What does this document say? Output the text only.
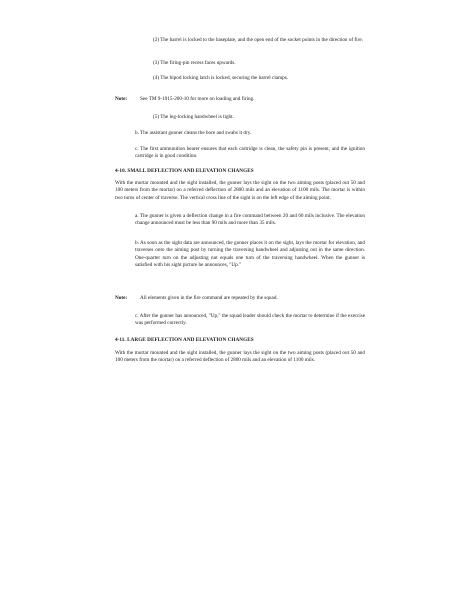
(2) The barrel is locked to the baseplate, and the open end of the socket points in the direction of fire.

(3) The firing-pin recess faces upwards.

(4) The bipod locking latch is locked, securing the barrel clamps.

Note: See TM 9-1015-200-10 for more on loading and firing.

(5) The leg-locking handwheel is tight.

b. The assistant gunner cleans the bore and swabs it dry.

c. The first ammunition bearer ensures that each cartridge is clean, the safety pin is present, and the ignition cartridge is in good condition.

4-10. SMALL DEFLECTION AND ELEVATION CHANGES

With the mortar mounted and the sight installed, the gunner lays the sight on the two aiming posts (placed out 50 and 100 meters from the mortar) on a referred deflection of 2800 mils and an elevation of 1100 mils. The mortar is within two turns of center of traverse. The vertical cross line of the sight is on the left edge of the aiming point.

a. The gunner is given a deflection change in a fire command between 20 and 60 mils inclusive. The elevation change announced must be less than 90 mils and more than 35 mils.

b. As soon as the sight data are announced, the gunner places it on the sight, lays the mortar for elevation, and traverses onto the aiming post by turning the traversing handwheel and adjusting out in the same direction. One-quarter turn on the adjusting nut equals one turn of the traversing handwheel. When the gunner is satisfied with his sight picture he announces, "Up."

Note: All elements given in the fire command are repeated by the squad.

c. After the gunner has announced, "Up," the squad leader should check the mortar to determine if the exercise was performed correctly.

4-11. LARGE DEFLECTION AND ELEVATION CHANGES

With the mortar mounted and the sight installed, the gunner lays the sight on the two aiming posts (placed out 50 and 100 meters from the mortar) on a referred deflection of 2800 mils and an elevation of 1100 mils.
